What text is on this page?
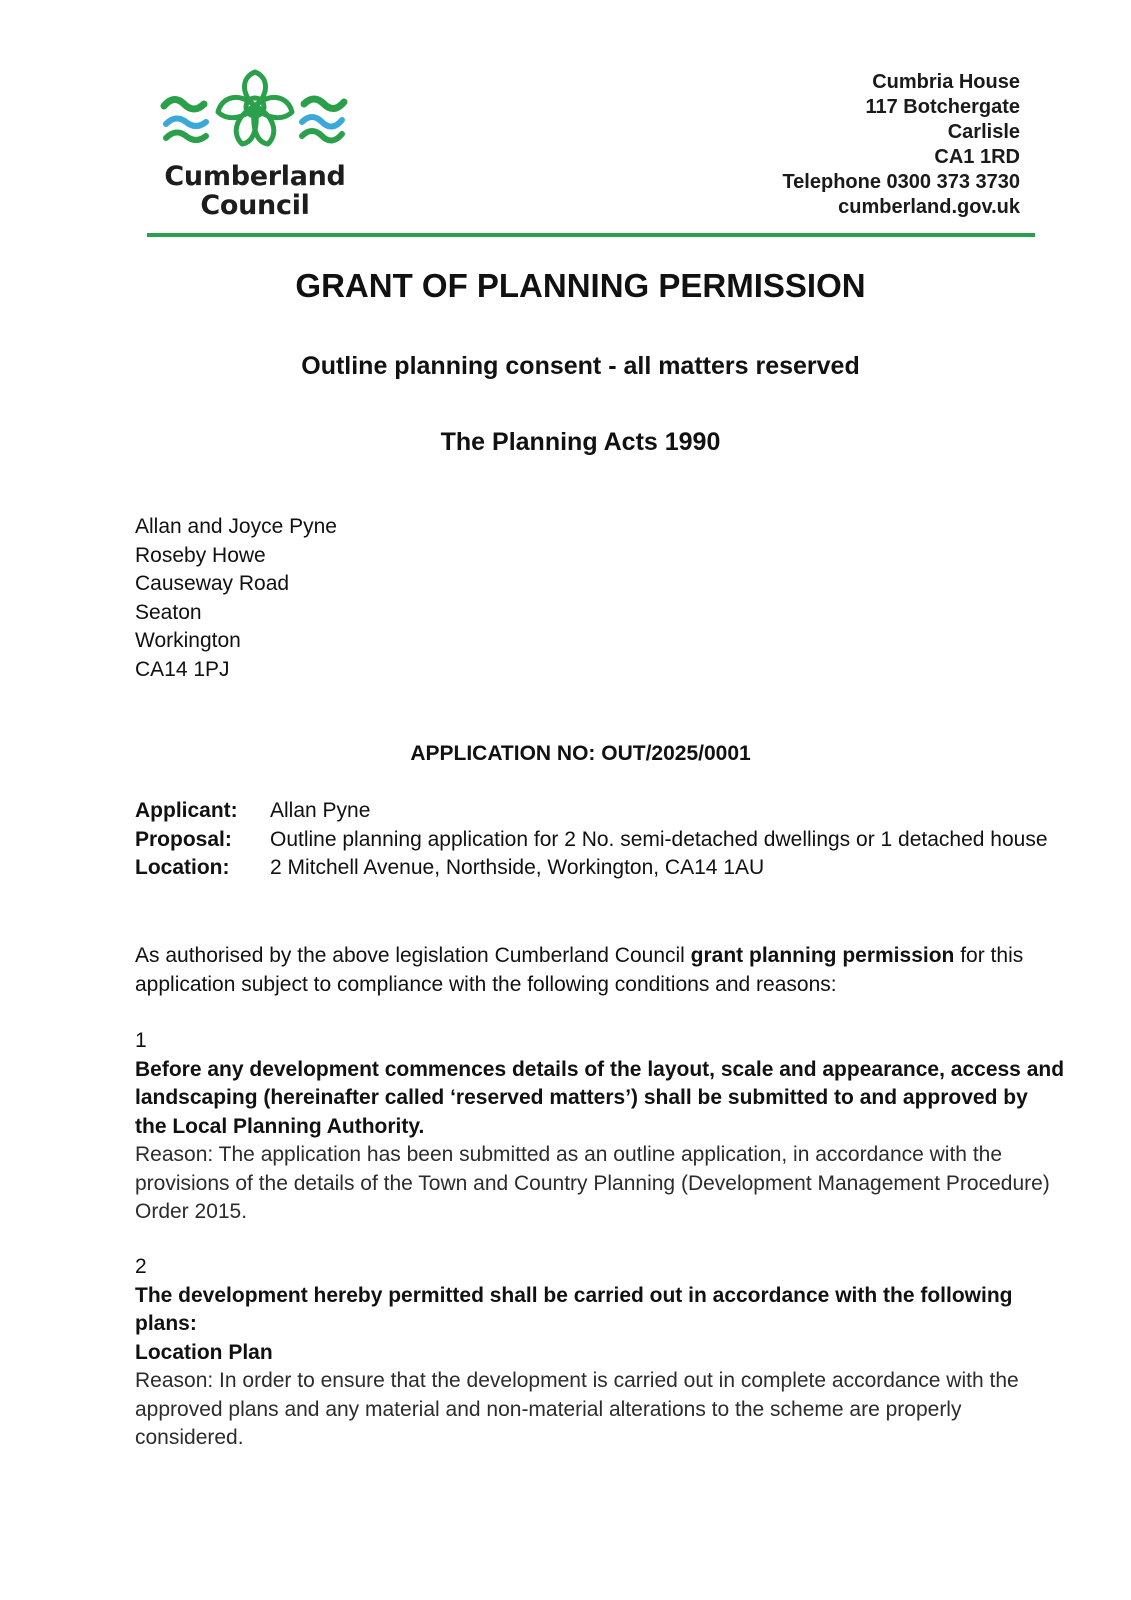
Cumberland
Council
Cumbria House
117 Botchergate
Carlisle
CA1 1RD
Telephone 0300 373 3730
cumberland.gov.uk
GRANT OF PLANNING PERMISSION
Outline planning consent - all matters reserved
The Planning Acts 1990
Allan and Joyce Pyne
Roseby Howe
Causeway Road
Seaton
Workington
CA14 1PJ
APPLICATION NO: OUT/2025/0001
Applicant: Allan Pyne
Proposal: Outline planning application for 2 No. semi-detached dwellings or 1 detached house
Location: 2 Mitchell Avenue, Northside, Workington, CA14 1AU
As authorised by the above legislation Cumberland Council grant planning permission for this application subject to compliance with the following conditions and reasons:
1
Before any development commences details of the layout, scale and appearance, access and landscaping (hereinafter called ‘reserved matters’) shall be submitted to and approved by the Local Planning Authority.
Reason: The application has been submitted as an outline application, in accordance with the provisions of the details of the Town and Country Planning (Development Management Procedure) Order 2015.
2
The development hereby permitted shall be carried out in accordance with the following plans:
Location Plan
Reason: In order to ensure that the development is carried out in complete accordance with the approved plans and any material and non-material alterations to the scheme are properly considered.
